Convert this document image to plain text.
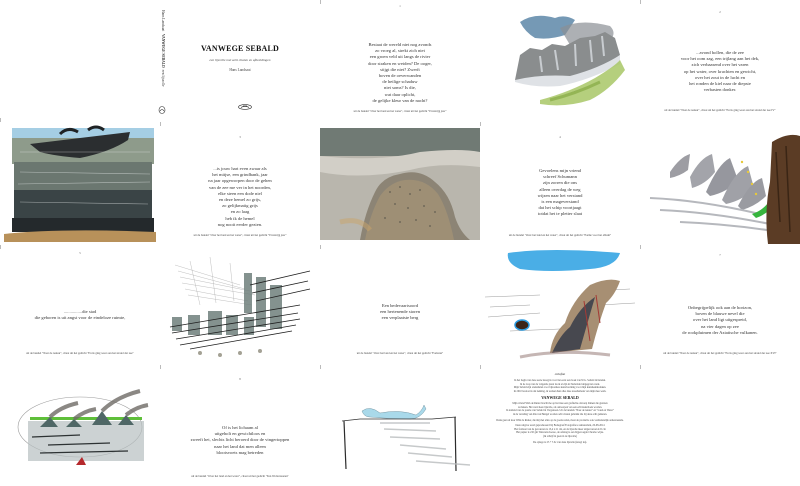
VANWEGE SEBALD
een lijsrolle met acht citaten en afbeeldingen
Hans Landsaat
1
Bestaat de wereld niet nog avonds
zo vroeg al, strekt zich niet
een groen veld uit langs de rivier
door straken en weiden? De ooger,
stijgt die niet? Zwerft
boven de oeverwanden
de heilige schaduw
niet soms? Is die,
wat daar oplicht,
de gelijke kleur van de nacht?
uit de bundel "Over het land en het water", citaat uit het gedicht "Ervenrijg jaar"
2
...avond bollen, die de zee
voor het oom zag, een trijlang aan het dek,
zich verbaasend over het varen
op het water, over krachten en gewicht,
over het zout in de lucht en
het ronden de kiel naar de diepste
verbasten donker.
uit de bundel "Naar de natuur", citaat uit het gedicht "En ik ging weer aan het strand der zee IV"
3
...is jouw hart even zwaar als
het mitjse, een grindbank, jaar
na jaar opgeworpen door de gehen
van de zee me ver in het noorden,
elke steen een dode niel
en deze hemel zo grijs,
zo gelijkmatig grijs
en zo laag
heb ik de hemel
nog nooit eerder gezien.
uit de bundel "Over het land en het water", citaat uit het gedicht "Ervenrijg jaar"
4
Gevoelens mijn vriend
schreef Schumann
zijn zorren die ons
alleen overdag de weg
wijzen naar het verstand
is een mageverstand
dat het schip voortjaagt
totdat het te pletter slaat
uit de bundel "Over het land en het water", citaat uit het gedicht "Poëtie voor het album"
5
................die stad
die geboren is uit angst voor de eindeloze ruimte,
uit de bundel "Naar de natuur", citaat uit het gedicht "En ik ging weer aan het strand der zee"
Een bedevaartsoord
een hertenende storen
een verplaatste berg
uit de bundel "Over het land en het water", citaat uit het gedicht "Pomonn"
7
Onbegrijpelijk ook aan de horizon,
boven de blauwe nevel die
over het land ligt uitgespreid,
na vier dagen op zee
de rookpluimen der Aziatische vulkanen.
uit de bundel "Naar de natuur", citaat uit het gedicht "En ik ging weer aan het strand der zee XVI"
8
Of is het lichaam al
uitgeholt en gewichtloos en
zweeft het, slechts licht beroerd door de vingertoppen
naar het land dat men alleen
blootsvoets mag betreden
uit de bundel "Over het land en het water", citaat uit het gedicht "Een Wolterreuzen"
colofon

In het begin van deze eeuw kreeg ik voor het eerst een boek van W.G. Sebald in handen.
In de loop van de volgende jaren las ik al zijn in Nederland uitgegeven werk.
Mijn Sebald zijn onderdelen voor bijzondere kunstvorming voor mijn kunstkennisdaken.
In 2010 besloot ik dat neiking, ik werken hun alles mee tessellemens van mijn mee werk.

VANWEGE SEBALD

Mijn vriend Wim de Ruiter bracht me op het idee een grafische ontwerp binnen die grenzen
te maken. Het werd deze lijsrolle, als ontwerpen van een echt kunstboek worden.
In leidend van de poëzie van Sebald in Vorgelesen. Uit de bundels "Naar de natuur" en "Land en Water"
in de vertaling van Ria van Hengel worden acht citaten gebruikt die bij deze acht gemeten.

Dank gaat uit naar Wim de Ruiter, die mij met alles op de goede reden, maar de productie ook verdienstelijk ondersteunde.

Deze uitgave werd geproduceerd bij Bodegraaf Fotografie te Amsterdam, 20-08-2014
Het formaat van de gevouwen is 15,4 x 21 cm, en de lijsrolle meer uitgevouwen 415 cm
Het papier is 210 gm Tintoretto/Gesso, de omslag is een bijgevoegde Chromo wijze.
(Ik schrijf in geen in de lijsrolle)

De oplage is 25 + 5 hc van deze lijsrolle (knogt nu).

Hans Landsaat   VANWEGE SEBALD  een lijsrolle
